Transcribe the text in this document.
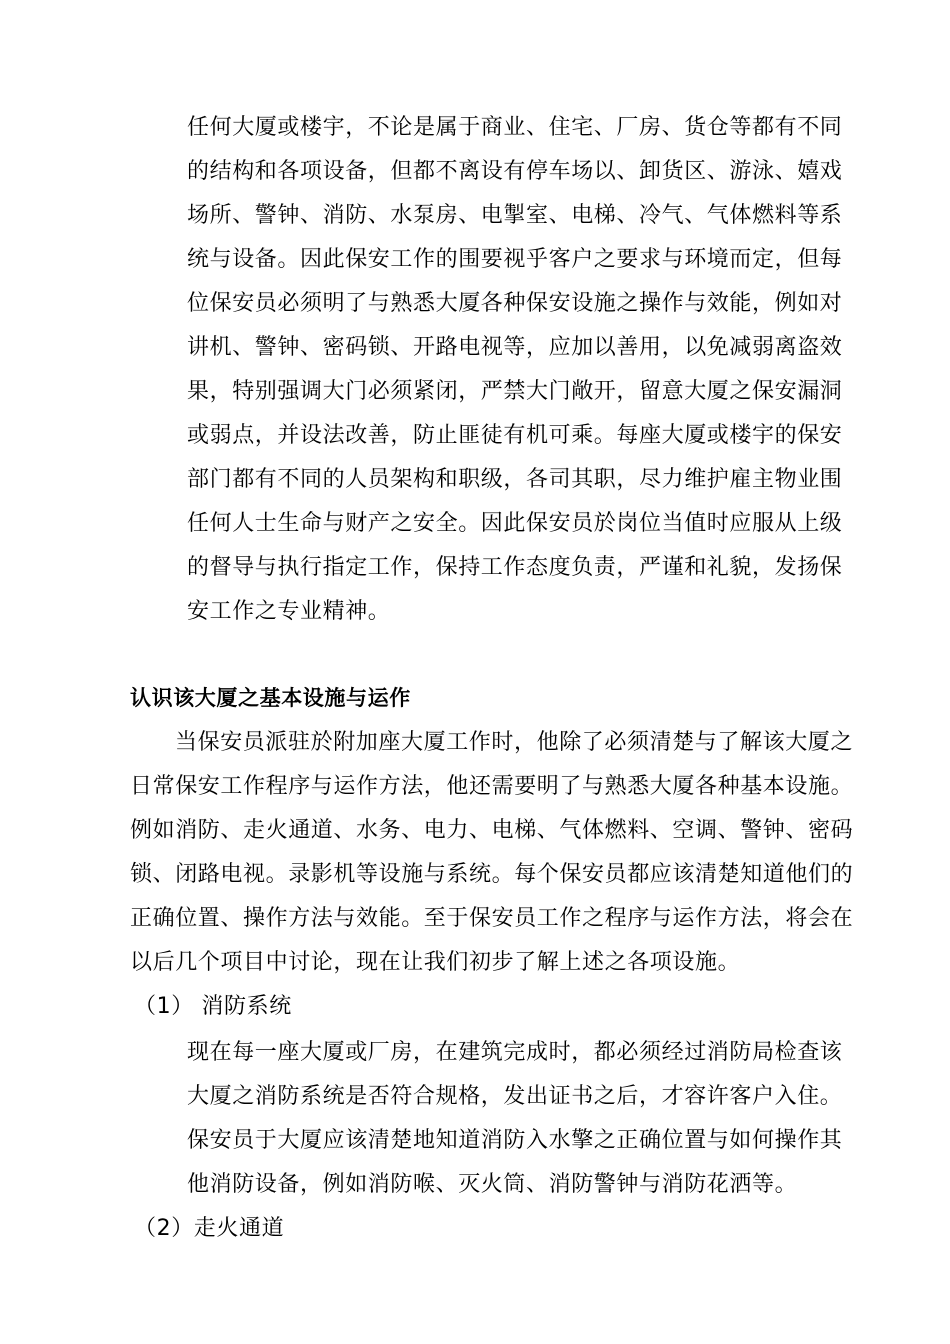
任何大厦或楼宇，不论是属于商业、住宅、厂房、货仓等都有不同
的结构和各项设备，但都不离设有停车场以、卸货区、游泳、嬉戏
场所、警钟、消防、水泵房、电掣室、电梯、冷气、气体燃料等系
统与设备。因此保安工作的围要视乎客户之要求与环境而定，但每
位保安员必须明了与熟悉大厦各种保安设施之操作与效能，例如对
讲机、警钟、密码锁、开路电视等，应加以善用，以免减弱离盗效
果，特别强调大门必须紧闭，严禁大门敞开，留意大厦之保安漏洞
或弱点，并设法改善，防止匪徒有机可乘。每座大厦或楼宇的保安
部门都有不同的人员架构和职级，各司其职，尽力维护雇主物业围
任何人士生命与财产之安全。因此保安员於岗位当值时应服从上级
的督导与执行指定工作，保持工作态度负责，严谨和礼貌，发扬保
安工作之专业精神。
认识该大厦之基本设施与运作
当保安员派驻於附加座大厦工作时，他除了必须清楚与了解该大厦之
日常保安工作程序与运作方法，他还需要明了与熟悉大厦各种基本设施。
例如消防、走火通道、水务、电力、电梯、气体燃料、空调、警钟、密码
锁、闭路电视。录影机等设施与系统。每个保安员都应该清楚知道他们的
正确位置、操作方法与效能。至于保安员工作之程序与运作方法，将会在
以后几个项目中讨论，现在让我们初步了解上述之各项设施。
（1） 消防系统
现在每一座大厦或厂房，在建筑完成时，都必须经过消防局检查该
大厦之消防系统是否符合规格，发出证书之后，才容许客户入住。
保安员于大厦应该清楚地知道消防入水擎之正确位置与如何操作其
他消防设备，例如消防喉、灭火筒、消防警钟与消防花洒等。
（2）走火通道
